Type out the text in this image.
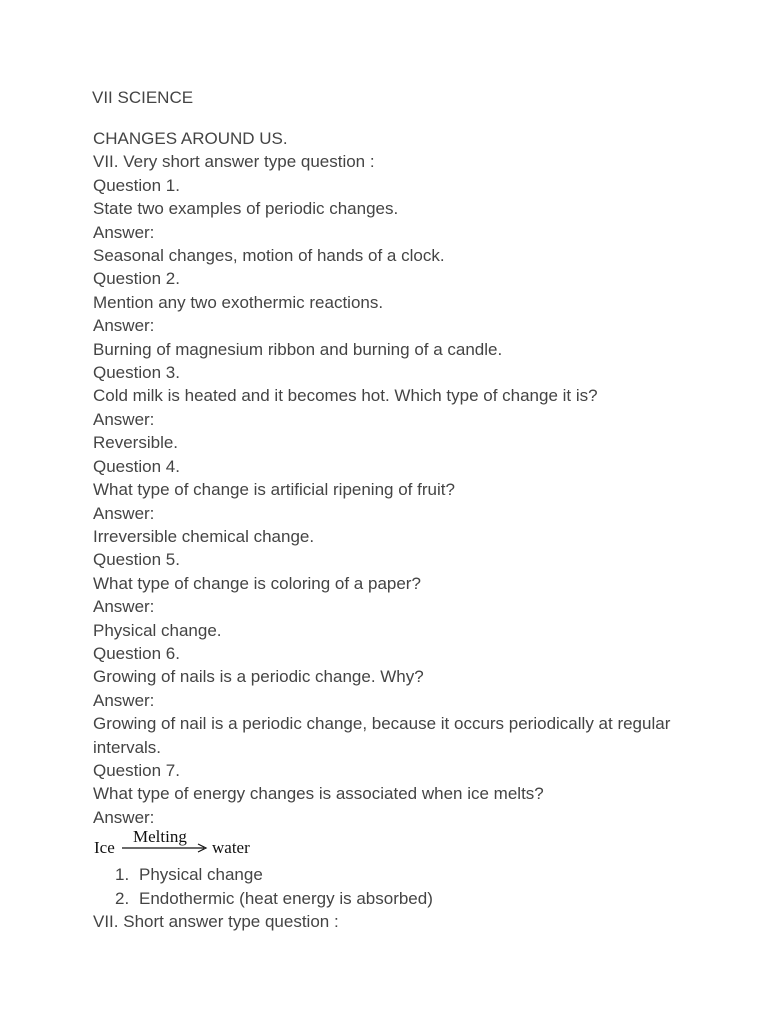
VII SCIENCE

CHANGES AROUND US.

VII. Very short answer type question :

Question 1.

State two examples of periodic changes.

Answer:

Seasonal changes, motion of hands of a clock.

Question 2.

Mention any two exothermic reactions.

Answer:

Burning of magnesium ribbon and burning of a candle.

Question 3.

Cold milk is heated and it becomes hot. Which type of change it is?

Answer:

Reversible.

Question 4.

What type of change is artificial ripening of fruit?

Answer:

Irreversible chemical change.

Question 5.

What type of change is coloring of a paper?

Answer:

Physical change.

Question 6.

Growing of nails is a periodic change. Why?

Answer:

Growing of nail is a periodic change, because it occurs periodically at regular intervals.

Question 7.

What type of energy changes is associated when ice melts?

Answer:

Ice
Melting
water
1. Physical change
2. Endothermic (heat energy is absorbed)

VII. Short answer type question :
